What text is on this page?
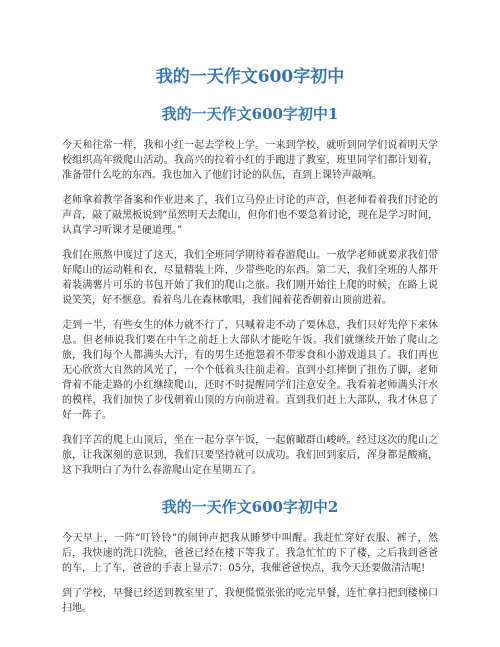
我的一天作文600字初中
我的一天作文600字初中1

今天和往常一样，我和小红一起去学校上学。一来到学校，就听到同学们说着明天学校组织高年级爬山活动。我高兴的拉着小红的手跑进了教室，班里同学们都计划着，准备带什么吃的东西。我也加入了他们讨论的队伍，直到上课铃声敲响。

老师拿着教学备案和作业进来了，我们立马停止讨论的声音，但老师看着我们讨论的声音，敲了敲黑板说到“虽然明天去爬山，但你们也不要急着讨论，现在是学习时间，认真学习听课才是硬道理。”

我们在煎熬中度过了这天，我们全班同学期待着春游爬山。一放学老师就要求我们带好爬山的运动鞋和衣，尽量精装上阵，少带些吃的东西。第二天，我们全班的人都开着装满薯片可乐的书包开始了我们的爬山之旅。我们刚开始往上爬的时候，在路上说说笑笑，好不惬意。看着鸟儿在森林歌唱，我们闻着花香朝着山顶前进着。

走到一半，有些女生的体力就不行了，只喊着走不动了要休息，我们只好先停下来休息。但老师说我们要在中午之前赶上大部队才能吃午饭。我们就继续开始了爬山之旅，我们每个人都满头大汗，有的男生还抱怨着不带零食和小游戏道具了。我们再也无心欣赏大自然的风光了，一个个低着头往前走着。直到小红摔倒了扭伤了脚，老师背着不能走路的小红继续爬山，还时不时提醒同学们注意安全。我看着老师满头汗水的模样，我们加快了步伐朝着山顶的方向前进着。直到我们赶上大部队，我才休息了好一阵子。

我们辛苦的爬上山顶后，坐在一起分享午饭，一起俯瞰群山峻岭。经过这次的爬山之旅，让我深刻的意识到，我们只要坚持就可以成功。我们回到家后，浑身都是酸痛，这下我明白了为什么春游爬山定在星期五了。

我的一天作文600字初中2

今天早上，一阵“叮铃铃”的闹钟声把我从睡梦中叫醒。我赶忙穿好衣服、裤子，然后，我快速的洗口洗脸，爸爸已经在楼下等我了。我急忙忙的下了楼，之后我到爸爸的车，上了车，爸爸的手表上显示7：05分，我催爸爸快点，我今天还要做清洁呢!

到了学校，早餐已经送到教室里了，我便慌慌张张的吃完早餐，连忙拿扫把到楼梯口扫地。
